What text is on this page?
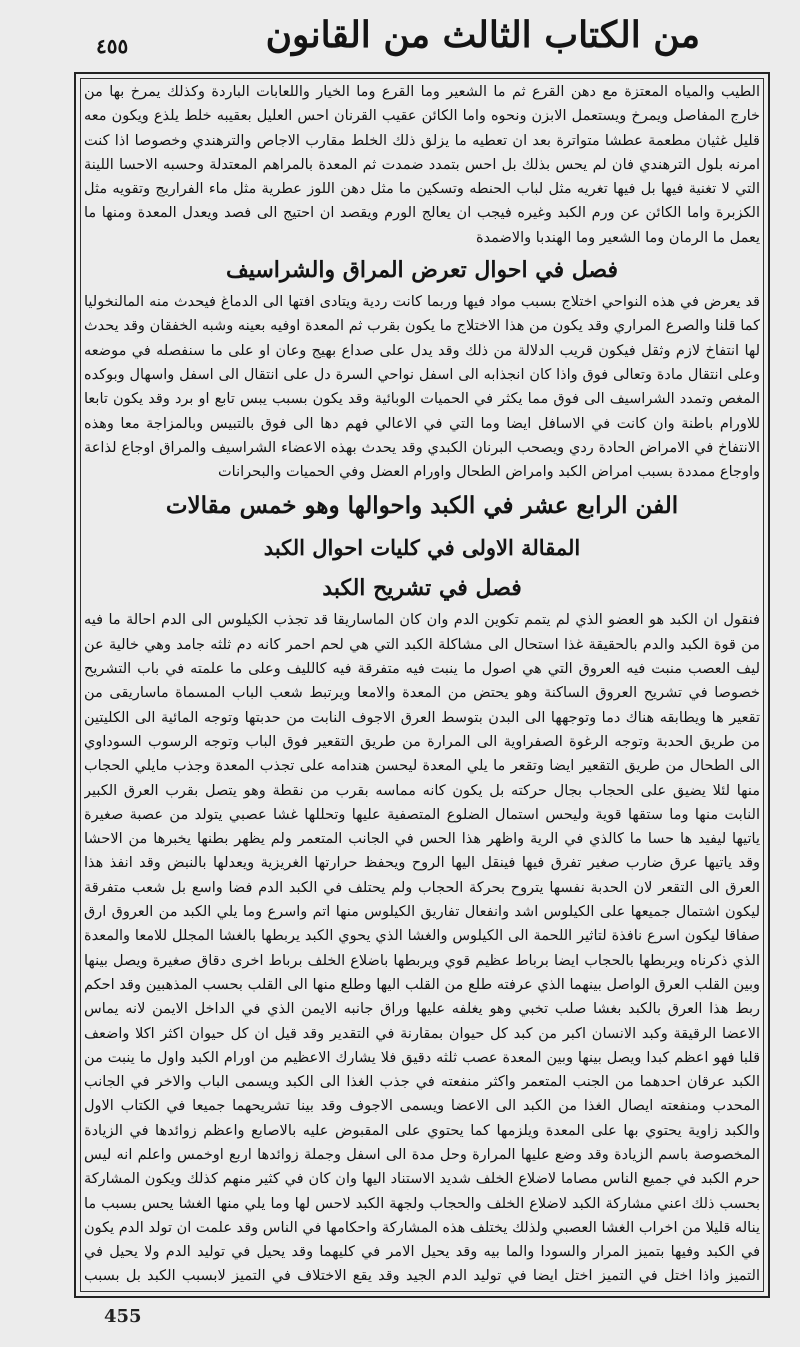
من الكتاب الثالث من القانون
٤٥٥

الطيب والمياه المعتزة مع دهن القرع ثم ما الشعير وما القرع وما الخيار واللعابات الباردة وكذلك يمرخ بها من خارج المفاصل ويمرخ ويستعمل الابزن ونحوه واما الكائن عقيب القرنان احس العليل بعقيبه خلط يلذع ويكون معه قليل غثيان مطعمة عطشا متواترة بعد ان تعطيه ما يزلق ذلك الخلط مقارب الاجاص والترهندي وخصوصا اذا كنت امرنه بلول الترهندي فان لم يحس بذلك بل احس بتمدد ضمدت ثم المعدة بالمراهم المعتدلة وحسبه الاحسا اللينة التي لا تغنية فيها بل فيها تغريه مثل لباب الحنطه وتسكين ما مثل دهن اللوز عطرية مثل ماء الفراريج وتقويه مثل الكزبرة واما الكائن عن ورم الكبد وغيره فيجب ان يعالج الورم ويقصد ان احتيج الى فصد ويعدل المعدة ومنها ما يعمل ما الرمان وما الشعير وما الهندبا والاضمدة

فصل في احوال تعرض المراق والشراسيف

قد يعرض في هذه النواحي اختلاج بسبب مواد فيها وربما كانت ردية ويتادى افتها الى الدماغ فيحدث منه المالنخوليا كما قلنا والصرع المراري وقد يكون من هذا الاختلاج ما يكون بقرب ثم المعدة اوفيه بعينه وشبه الخفقان وقد يحدث لها انتفاخ لازم وثقل فيكون قريب الدلالة من ذلك وقد يدل على صداع بهيج وعان او على ما سنفصله في موضعه وعلى انتقال مادة وتعالى فوق واذا كان انجذابه الى اسفل نواحي السرة دل على انتقال الى اسفل واسهال وبوكده المغص وتمدد الشراسيف الى فوق مما يكثر في الحميات الوبائية وقد يكون بسبب يبس تابع او برد وقد يكون تابعا للاورام باطنة وان كانت في الاسافل ايضا وما التي في الاعالي فهم دها الى فوق بالتبيس وبالمزاجة معا وهذه الانتفاخ في الامراض الحادة ردي ويصحب البرنان الكبدي وقد يحدث بهذه الاعضاء الشراسيف والمراق اوجاع لذاعة واوجاع ممددة بسبب امراض الكبد وامراض الطحال واورام العضل وفي الحميات والبحرانات

الفن الرابع عشر في الكبد واحوالها وهو خمس مقالات

المقالة الاولى في كليات احوال الكبد

فصل في تشريح الكبد

فنقول ان الكبد هو العضو الذي لم يتمم تكوين الدم وان كان الماساريقا قد تجذب الكيلوس الى الدم احالة ما فيه من قوة الكبد والدم بالحقيقة غذا استحال الى مشاكلة الكبد التي هي لحم احمر كانه دم ثلثه جامد وهي خالية عن ليف العصب منبت فيه العروق التي هي اصول ما ينبت فيه متفرقة فيه كالليف وعلى ما علمته في باب التشريح خصوصا في تشريح العروق الساكنة وهو يحتض من المعدة والامعا ويرتبط شعب الباب المسماة ماساريقى من تقعير ها ويطابقه هناك دما وتوجهها الى البدن بتوسط العرق الاجوف النابت من حدبتها وتوجه المائية الى الكليتين من طريق الحدبة وتوجه الرغوة الصفراوية الى المرارة من طريق التقعير فوق الباب وتوجه الرسوب السوداوي الى الطحال من طريق التقعير ايضا وتقعر ما يلي المعدة ليحسن هندامه على تجذب المعدة وجذب مايلي الحجاب منها لئلا يضيق على الحجاب بجال حركته بل يكون كانه مماسه بقرب من نقطة وهو يتصل بقرب العرق الكبير النابت منها وما ستقها قوية وليحس استمال الضلوع المتصفية عليها وتحللها غشا عصبي يتولد من عصبة صغيرة ياتيها ليفيد ها حسا ما كالذي في الرية واظهر هذا الحس في الجانب المتعمر ولم يظهر بطنها يخبرها من الاحشا وقد ياتيها عرق ضارب صغير تفرق فيها فينقل اليها الروح ويحفظ حرارتها الغريزية ويعدلها بالنبض وقد انفذ هذا العرق الى التقعر لان الحدبة نفسها يتروح بحركة الحجاب ولم يحتلف في الكبد الدم فضا واسع بل شعب متفرقة ليكون اشتمال جميعها على الكيلوس اشد وانفعال تفاريق الكيلوس منها اتم واسرع وما يلي الكبد من العروق ارق صفاقا ليكون اسرع نافذة لتاثير اللحمة الى الكيلوس والغشا الذي يحوي الكبد يربطها بالغشا المجلل للامعا والمعدة الذي ذكرناه ويربطها بالحجاب ايضا برباط عظيم قوي ويربطها باضلاع الخلف برباط اخرى دقاق صغيرة ويصل بينها وبين القلب العرق الواصل بينهما الذي عرفته طلع من القلب اليها وطلع منها الى القلب بحسب المذهبين وقد احكم ربط هذا العرق بالكبد بغشا صلب تخبي وهو يغلفه عليها وراق جانبه الايمن الذي في الداخل الايمن لانه يماس الاعضا الرقيقة وكبد الانسان اكبر من كبد كل حيوان بمقارنة في التقدير وقد قيل ان كل حيوان اكثر اكلا واضعف قلبا فهو اعظم كبدا ويصل بينها وبين المعدة عصب ثلثه دقيق فلا يشارك الاعظيم من اورام الكبد واول ما ينبت من الكبد عرقان احدهما من الجنب المتعمر واكثر منفعته في جذب الغذا الى الكبد ويسمى الباب والاخر في الجانب المحدب ومنفعته ايصال الغذا من الكبد الى الاعضا ويسمى الاجوف وقد بينا تشريحهما جميعا في الكتاب الاول والكبد زاوية يحتوي بها على المعدة ويلزمها كما يحتوي على المقبوض عليه بالاصابع واعظم زوائدها في الزيادة المخصوصة باسم الزيادة وقد وضع عليها المرارة وحل مدة الى اسفل وجملة زوائدها اربع اوخمس واعلم انه ليس حرم الكبد في جميع الناس مصاما لاضلاع الخلف شديد الاستناد اليها وان كان في كثير منهم كذلك ويكون المشاركة بحسب ذلك اعني مشاركة الكبد لاضلاع الخلف والحجاب ولجهة الكبد لاحس لها وما يلي منها الغشا يحس بسبب ما يناله قليلا من اخراب الغشا العصبي ولذلك يختلف هذه المشاركة واحكامها في الناس وقد علمت ان تولد الدم يكون في الكبد وفيها بتميز المرار والسودا والما بيه وقد يحيل الامر في كليهما وقد يحيل في توليد الدم ولا يحيل في التميز واذا اختل في التميز اختل ايضا في توليد الدم الجيد وقد يقع الاختلاف في التميز لابسبب الكبد بل بسبب

455
